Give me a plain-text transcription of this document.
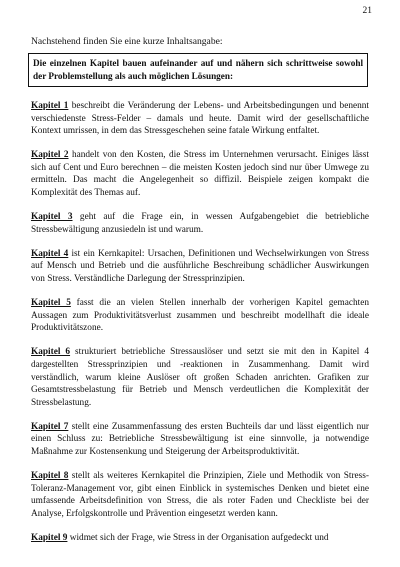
21

Nachstehend finden Sie eine kurze Inhaltsangabe:

Die einzelnen Kapitel bauen aufeinander auf und nähern sich schrittweise sowohl der Problemstellung als auch möglichen Lösungen:

Kapitel 1 beschreibt die Veränderung der Lebens- und Arbeitsbedingungen und benennt verschiedenste Stress-Felder – damals und heute. Damit wird der gesellschaftliche Kontext umrissen, in dem das Stressgeschehen seine fatale Wirkung entfaltet.

Kapitel 2 handelt von den Kosten, die Stress im Unternehmen verursacht. Einiges lässt sich auf Cent und Euro berechnen – die meisten Kosten jedoch sind nur über Umwege zu ermitteln. Das macht die Angelegenheit so diffizil. Beispiele zeigen kompakt die Komplexität des Themas auf.

Kapitel 3 geht auf die Frage ein, in wessen Aufgabengebiet die betriebliche Stressbewältigung anzusiedeln ist und warum.

Kapitel 4 ist ein Kernkapitel: Ursachen, Definitionen und Wechselwirkungen von Stress auf Mensch und Betrieb und die ausführliche Beschreibung schädlicher Auswirkungen von Stress. Verständliche Darlegung der Stressprinzipien.

Kapitel 5 fasst die an vielen Stellen innerhalb der vorherigen Kapitel gemachten Aussagen zum Produktivitätsverlust zusammen und beschreibt modellhaft die ideale Produktivitätszone.

Kapitel 6 strukturiert betriebliche Stressauslöser und setzt sie mit den in Kapitel 4 dargestellten Stressprinzipien und -reaktionen in Zusammenhang. Damit wird verständlich, warum kleine Auslöser oft großen Schaden anrichten. Grafiken zur Gesamtstressbelastung für Betrieb und Mensch verdeutlichen die Komplexität der Stressbelastung.

Kapitel 7 stellt eine Zusammenfassung des ersten Buchteils dar und lässt eigentlich nur einen Schluss zu: Betriebliche Stressbewältigung ist eine sinnvolle, ja notwendige Maßnahme zur Kostensenkung und Steigerung der Arbeitsproduktivität.

Kapitel 8 stellt als weiteres Kernkapitel die Prinzipien, Ziele und Methodik von Stress-Toleranz-Management vor, gibt einen Einblick in systemisches Denken und bietet eine umfassende Arbeitsdefinition von Stress, die als roter Faden und Checkliste bei der Analyse, Erfolgskontrolle und Prävention eingesetzt werden kann.

Kapitel 9 widmet sich der Frage, wie Stress in der Organisation aufgedeckt und
